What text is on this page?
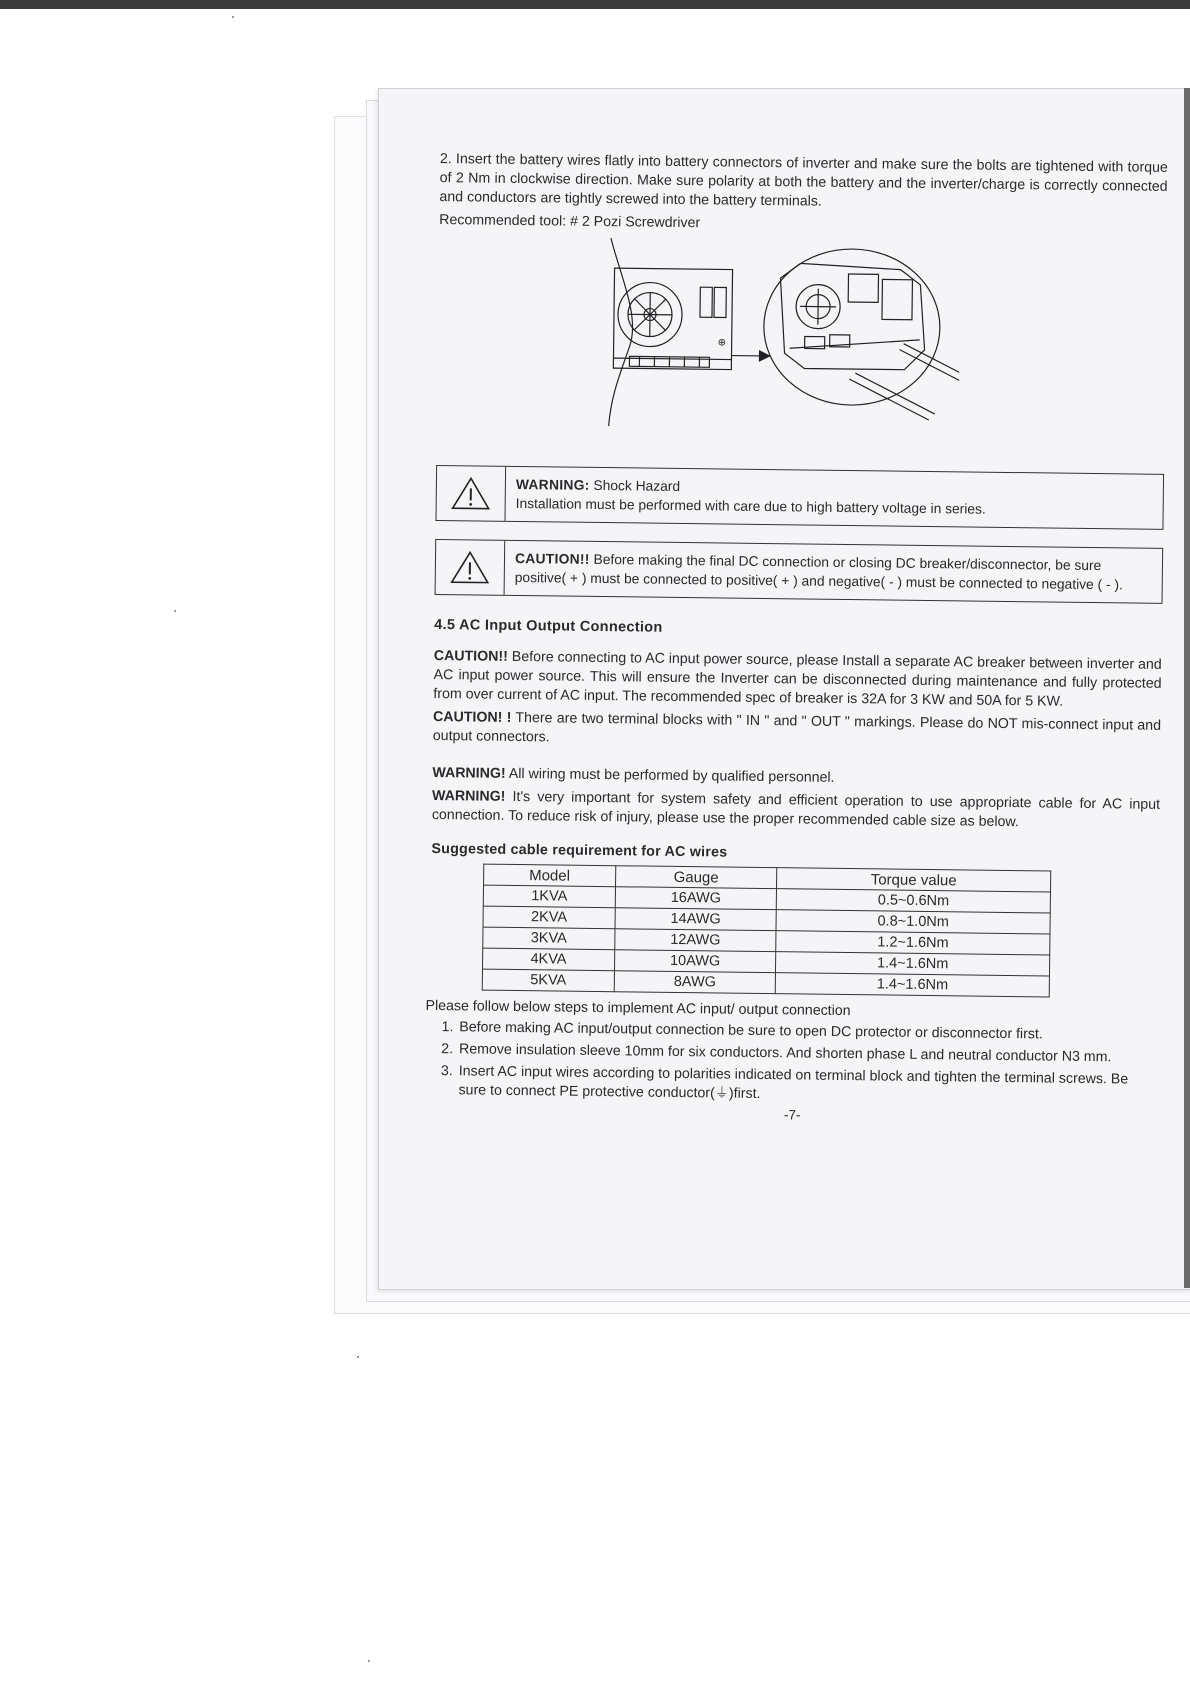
2. Insert the battery wires flatly into battery connectors of inverter and make sure the bolts are tightened with torque of 2 Nm in clockwise direction. Make sure polarity at both the battery and the inverter/charge is correctly connected and conductors are tightly screwed into the battery terminals.

Recommended tool: # 2 Pozi Screwdriver

⊕
WARNING: Shock Hazard
Installation must be performed with care due to high battery voltage in series.
CAUTION!! Before making the final DC connection or closing DC breaker/disconnector, be sure positive( + ) must be connected to positive( + ) and negative( - ) must be connected to negative ( - ).
4.5 AC Input Output Connection

CAUTION!! Before connecting to AC input power source, please Install a separate AC breaker between inverter and AC input power source. This will ensure the Inverter can be disconnected during maintenance and fully protected from over current of AC input. The recommended spec of breaker is 32A for 3 KW and 50A for 5 KW.

CAUTION! ! There are two terminal blocks with " IN " and " OUT " markings. Please do NOT mis-connect input and output connectors.

WARNING! All wiring must be performed by qualified personnel.

WARNING! It's very important for system safety and efficient operation to use appropriate cable for AC input connection. To reduce risk of injury, please use the proper recommended cable size as below.

Suggested cable requirement for AC wires
Model	Gauge	Torque value
1KVA	16AWG	0.5~0.6Nm
2KVA	14AWG	0.8~1.0Nm
3KVA	12AWG	1.2~1.6Nm
4KVA	10AWG	1.4~1.6Nm
5KVA	8AWG	1.4~1.6Nm
Please follow below steps to implement AC input/ output connection
1. Before making AC input/output connection be sure to open DC protector or disconnector first.
2. Remove insulation sleeve 10mm for six conductors. And shorten phase L and neutral conductor N3 mm.
3. Insert AC input wires according to polarities indicated on terminal block and tighten the terminal screws. Be sure to connect PE protective conductor(⏚)first.
-7-
